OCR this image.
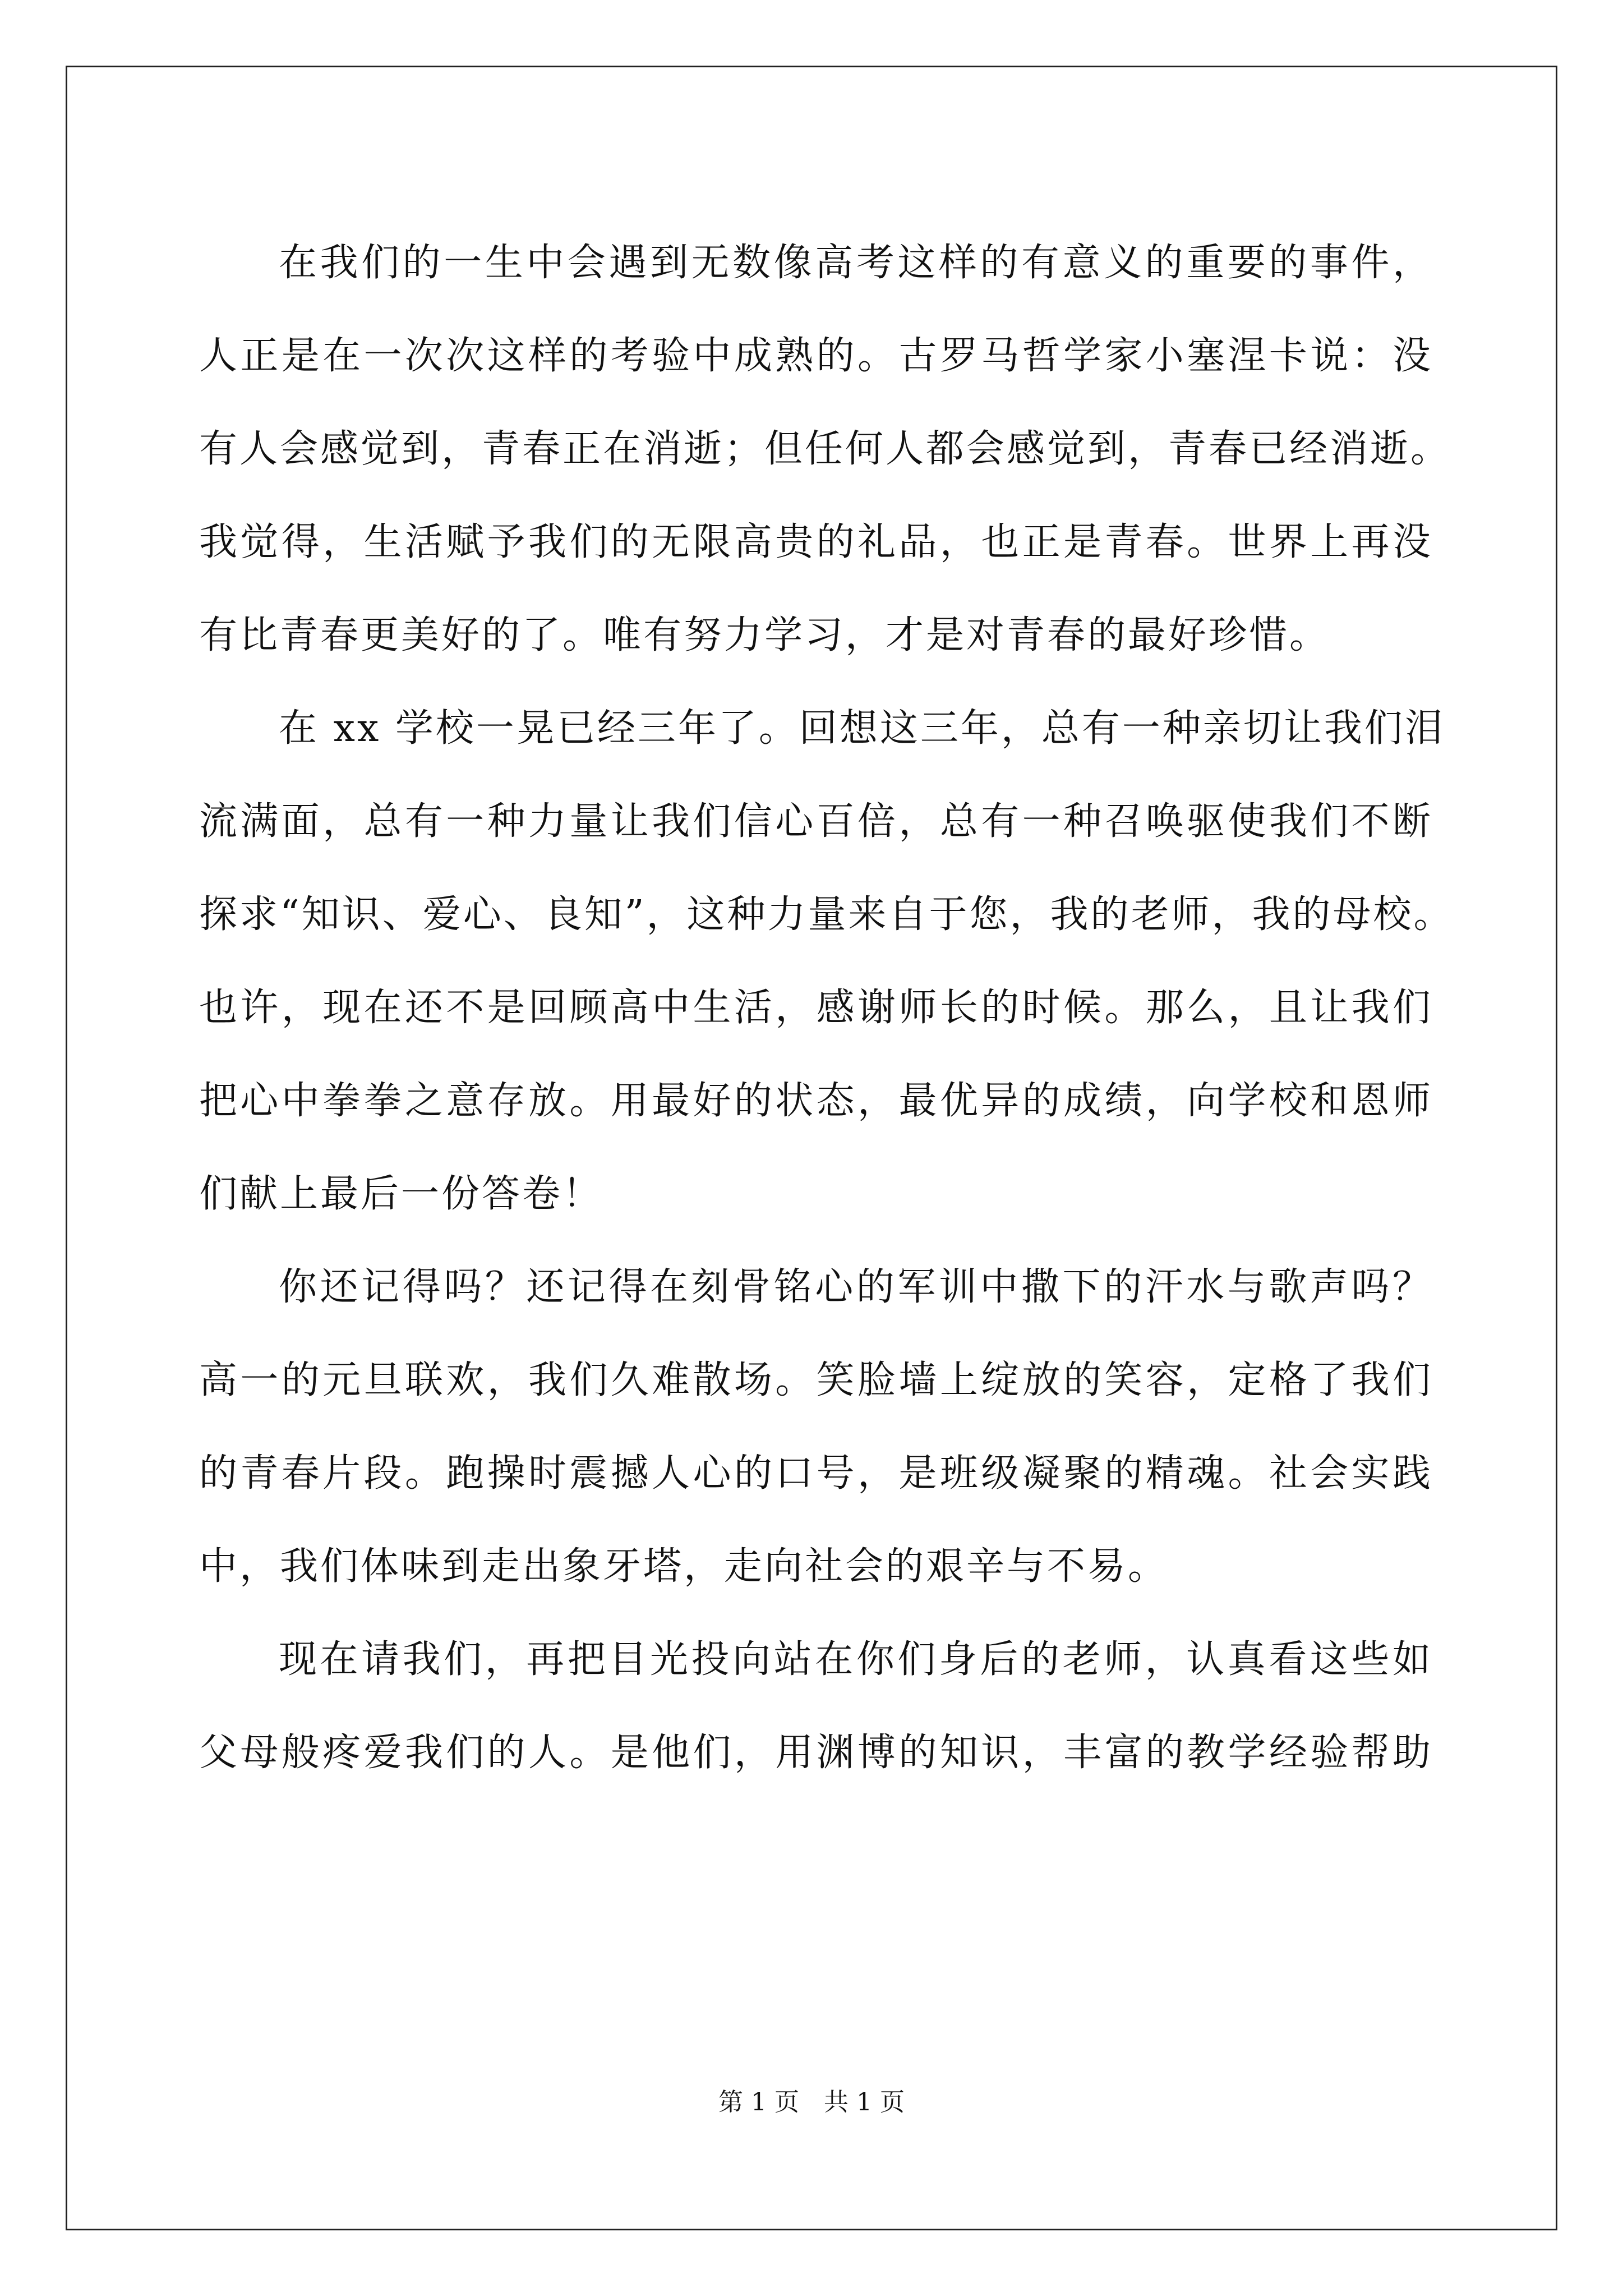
在我们的一生中会遇到无数像高考这样的有意义的重要的事件，
人正是在一次次这样的考验中成熟的。古罗马哲学家小塞涅卡说：没
有人会感觉到，青春正在消逝；但任何人都会感觉到，青春已经消逝。
我觉得，生活赋予我们的无限高贵的礼品，也正是青春。世界上再没
有比青春更美好的了。唯有努力学习，才是对青春的最好珍惜。
在 xx 学校一晃已经三年了。回想这三年，总有一种亲切让我们泪
流满面，总有一种力量让我们信心百倍，总有一种召唤驱使我们不断
探求“知识、爱心、良知”，这种力量来自于您，我的老师，我的母校。
也许，现在还不是回顾高中生活，感谢师长的时候。那么，且让我们
把心中拳拳之意存放。用最好的状态，最优异的成绩，向学校和恩师
们献上最后一份答卷！
你还记得吗？还记得在刻骨铭心的军训中撒下的汗水与歌声吗？
高一的元旦联欢，我们久难散场。笑脸墙上绽放的笑容，定格了我们
的青春片段。跑操时震撼人心的口号，是班级凝聚的精魂。社会实践
中，我们体味到走出象牙塔，走向社会的艰辛与不易。
现在请我们，再把目光投向站在你们身后的老师，认真看这些如
父母般疼爱我们的人。是他们，用渊博的知识，丰富的教学经验帮助
第 1 页 共 1 页
